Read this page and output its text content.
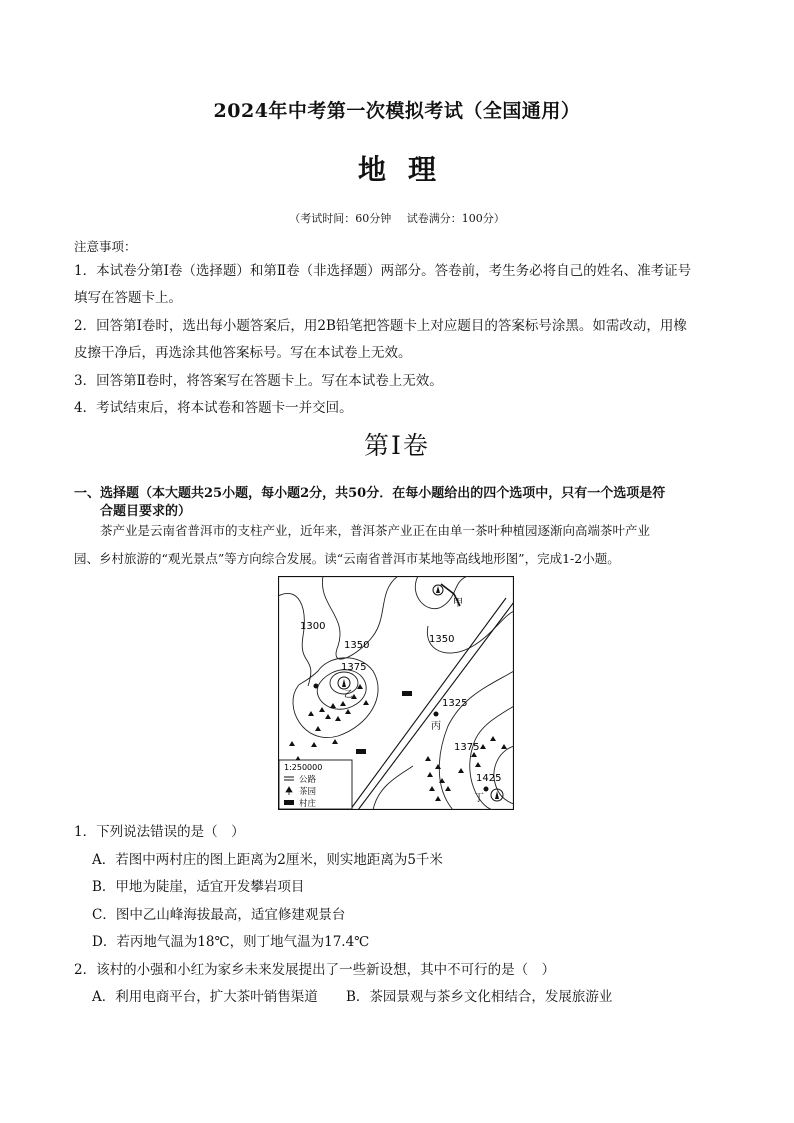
2024年中考第一次模拟考试（全国通用）
地理
（考试时间：60分钟 试卷满分：100分）
注意事项：
1．本试卷分第Ⅰ卷（选择题）和第Ⅱ卷（非选择题）两部分。答卷前，考生务必将自己的姓名、准考证号
填写在答题卡上。
2．回答第Ⅰ卷时，选出每小题答案后，用2B铅笔把答题卡上对应题目的答案标号涂黑。如需改动，用橡
皮擦干净后，再选涂其他答案标号。写在本试卷上无效。
3．回答第Ⅱ卷时，将答案写在答题卡上。写在本试卷上无效。
4．考试结束后，将本试卷和答题卡一并交回。
第Ⅰ卷
一、选择题（本大题共25小题，每小题2分，共50分．在每小题给出的四个选项中，只有一个选项是符
合题目要求的）
茶产业是云南省普洱市的支柱产业，近年来，普洱茶产业正在由单一茶叶种植园逐渐向高端茶叶产业
园、乡村旅游的“观光景点”等方向综合发展。读“云南省普洱市某地等高线地形图”，完成1-2小题。
1300
1350
1350
1375
1325
1375
1425
甲
乙
丙
丁
1:250000
公路
茶园
村庄
1．下列说法错误的是（　）
A．若图中两村庄的图上距离为2厘米，则实地距离为5千米
B．甲地为陡崖，适宜开发攀岩项目
C．图中乙山峰海拔最高，适宜修建观景台
D．若丙地气温为18℃，则丁地气温为17.4℃
2．该村的小强和小红为家乡未来发展提出了一些新设想，其中不可行的是（　）
A．利用电商平台，扩大茶叶销售渠道 B．茶园景观与茶乡文化相结合，发展旅游业
